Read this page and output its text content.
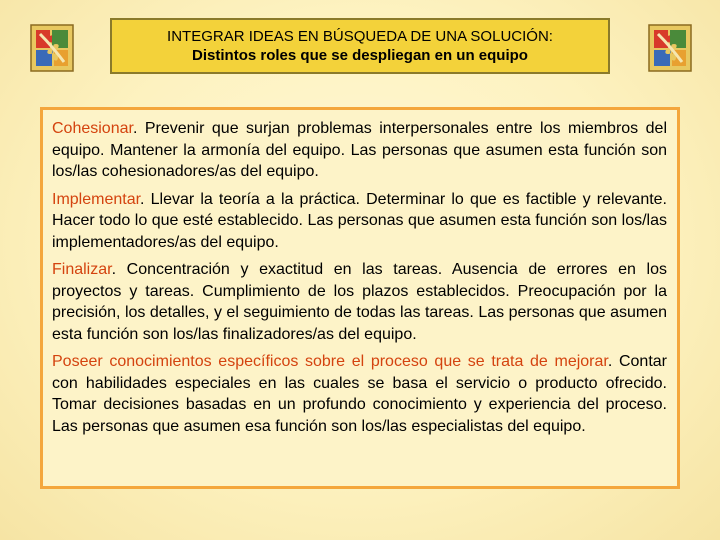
INTEGRAR IDEAS EN BÚSQUEDA DE UNA SOLUCIÓN:
Distintos roles que se despliegan en un equipo

Cohesionar. Prevenir que surjan problemas interpersonales entre los miembros del equipo. Mantener la armonía del equipo. Las personas que asumen esta función son los/las cohesionadores/as del equipo.

Implementar. Llevar la teoría a la práctica. Determinar lo que es factible y relevante. Hacer todo lo que esté establecido. Las personas que asumen esta función son los/las implementadores/as del equipo.

Finalizar. Concentración y exactitud en las tareas. Ausencia de errores en los proyectos y tareas. Cumplimiento de los plazos establecidos. Preocupación por la precisión, los detalles, y el seguimiento de todas las tareas. Las personas que asumen esta función son los/las finalizadores/as del equipo.

Poseer conocimientos específicos sobre el proceso que se trata de mejorar. Contar con habilidades especiales en las cuales se basa el servicio o producto ofrecido. Tomar decisiones basadas en un profundo conocimiento y experiencia del proceso. Las personas que asumen esa función son los/las especialistas del equipo.
